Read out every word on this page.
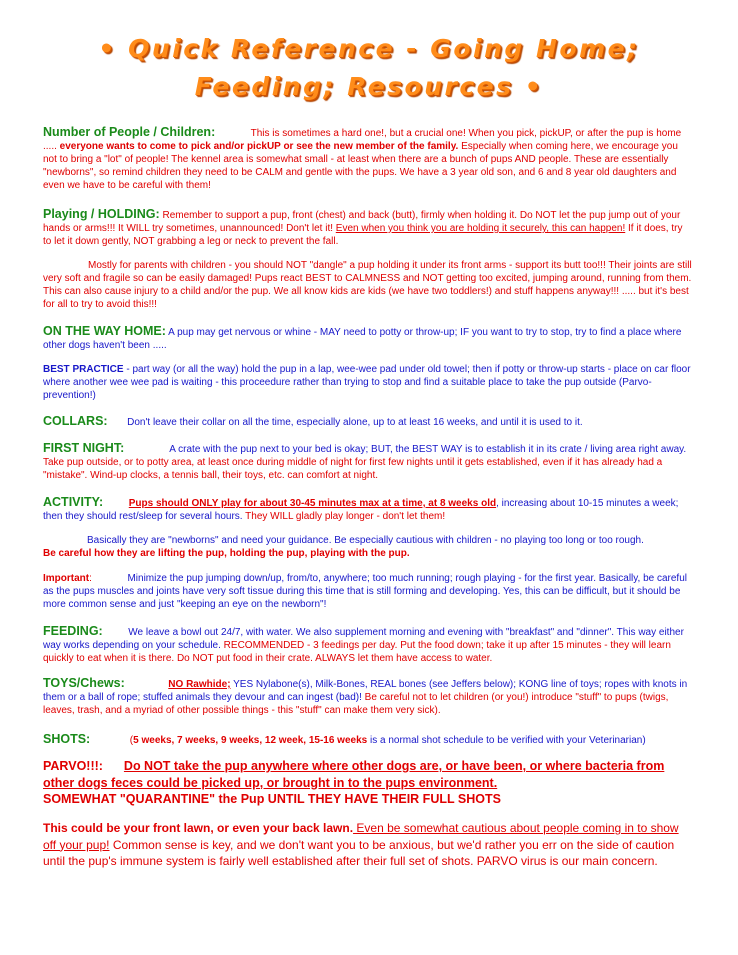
• Quick Reference - Going Home;
Feeding; Resources •
Number of People / Children:	This is sometimes a hard one!, but a crucial one! When you pick, pickUP, or after the pup is home ..... everyone wants to come to pick and/or pickUP or see the new member of the family. Especially when coming here, we encourage you not to bring a "lot" of people! The kennel area is somewhat small - at least when there are a bunch of pups AND people. These are essentially "newborns", so remind children they need to be CALM and gentle with the pups. We have a 3 year old son, and 6 and 8 year old daughters and even we have to be careful with them!
Playing / HOLDING: Remember to support a pup, front (chest) and back (butt), firmly when holding it. Do NOT let the pup jump out of your hands or arms!!! It WILL try sometimes, unannounced! Don't let it! Even when you think you are holding it securely, this can happen! If it does, try to let it down gently, NOT grabbing a leg or neck to prevent the fall.
Mostly for parents with children - you should NOT "dangle" a pup holding it under its front arms - support its butt too!!! Their joints are still very soft and fragile so can be easily damaged! Pups react BEST to CALMNESS and NOT getting too excited, jumping around, running from them. This can also cause injury to a child and/or the pup. We all know kids are kids (we have two toddlers!) and stuff happens anyway!!! ..... but it's best for all to try to avoid this!!!
ON THE WAY HOME: A pup may get nervous or whine - MAY need to potty or throw-up; IF you want to try to stop, try to find a place where other dogs haven't been .....
BEST PRACTICE - part way (or all the way) hold the pup in a lap, wee-wee pad under old towel; then if potty or throw-up starts - place on car floor where another wee wee pad is waiting - this proceedure rather than trying to stop and find a suitable place to take the pup outside (Parvo-prevention!)
COLLARS: Don't leave their collar on all the time, especially alone, up to at least 16 weeks, and until it is used to it.
FIRST NIGHT:	A crate with the pup next to your bed is okay; BUT, the BEST WAY is to establish it in its crate / living area right away. Take pup outside, or to potty area, at least once during middle of night for first few nights until it gets established, even if it has already had a "mistake". Wind-up clocks, a tennis ball, their toys, etc. can comfort at night.
ACTIVITY:	Pups should ONLY play for about 30-45 minutes max at a time, at 8 weeks old, increasing about 10-15 minutes a week; then they should rest/sleep for several hours. They WILL gladly play longer - don't let them!
Basically they are "newborns" and need your guidance. Be especially cautious with children - no playing too long or too rough.
Be careful how they are lifting the pup, holding the pup, playing with the pup.
Important:	Minimize the pup jumping down/up, from/to, anywhere; too much running; rough playing - for the first year. Basically, be careful as the pups muscles and joints have very soft tissue during this time that is still forming and developing. Yes, this can be difficult, but it should be more common sense and just "keeping an eye on the newborn"!
FEEDING:	We leave a bowl out 24/7, with water. We also supplement morning and evening with "breakfast" and "dinner". This way either way works depending on your schedule. RECOMMENDED - 3 feedings per day. Put the food down; take it up after 15 minutes - they will learn quickly to eat when it is there. Do NOT put food in their crate. ALWAYS let them have access to water.
TOYS/Chews:	NO Rawhide; YES Nylabone(s), Milk-Bones, REAL bones (see Jeffers below); KONG line of toys; ropes with knots in them or a ball of rope; stuffed animals they devour and can ingest (bad)! Be careful not to let children (or you!) introduce "stuff" to pups (twigs, leaves, trash, and a myriad of other possible things - this "stuff" can make them very sick).
SHOTS:	(5 weeks, 7 weeks, 9 weeks, 12 week, 15-16 weeks is a normal shot schedule to be verified with your Veterinarian)
PARVO!!!: Do NOT take the pup anywhere where other dogs are, or have been, or where bacteria from other dogs feces could be picked up, or brought in to the pups environment.
SOMEWHAT "QUARANTINE" the Pup UNTIL THEY HAVE THEIR FULL SHOTS
This could be your front lawn, or even your back lawn. Even be somewhat cautious about people coming in to show off your pup! Common sense is key, and we don't want you to be anxious, but we'd rather you err on the side of caution until the pup's immune system is fairly well established after their full set of shots. PARVO virus is our main concern.
